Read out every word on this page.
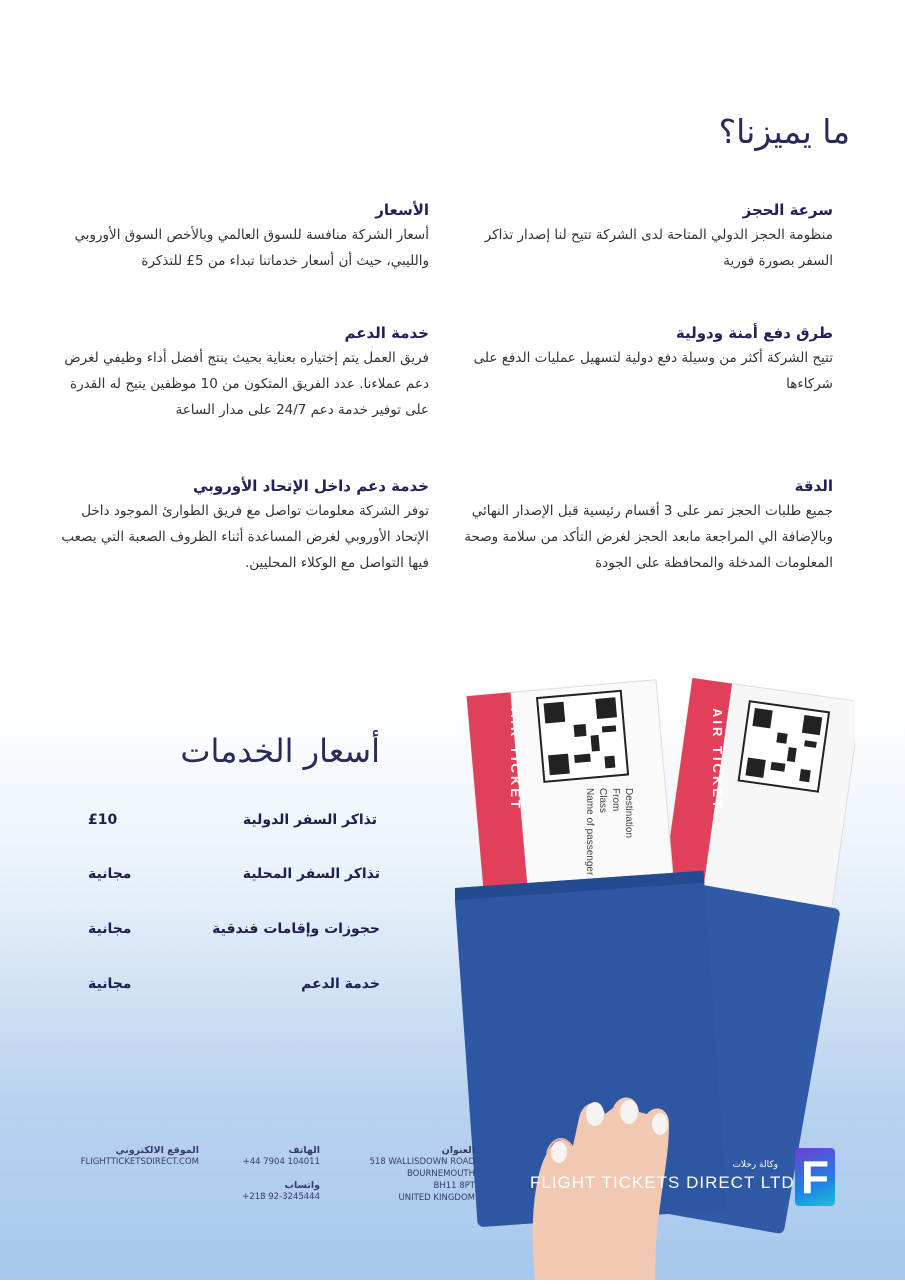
ما يميزنا؟
سرعة الحجز
منظومة الحجز الدولي المتاحة لدى الشركة تتيح لنا إصدار تذاكر السفر بصورة فورية
الأسعار
أسعار الشركة منافسة للسوق العالمي وبالأخص السوق الأوروبي والليبي، حيث أن أسعار خدماتنا تبداء من 5£ للتذكرة
طرق دفع أمنة ودولية
تتيح الشركة أكثر من وسيلة دفع دولية لتسهيل عمليات الدفع على شركاءها
خدمة الدعم
فريق العمل يتم إختياره بعناية بحيث ينتج أفضل أداء وظيفي لغرض دعم عملاءنا. عدد الفريق المتكون من 10 موظفين يتيح له القدرة على توفير خدمة دعم 24/7 على مدار الساعة
الدقة
جميع طلبات الحجز تمر على 3 أقسام رئيسية قبل الإصدار النهائي وبالإضافة الي المراجعة مابعد الحجز لغرض التأكد من سلامة وصحة المعلومات المدخلة والمحافظة على الجودة
خدمة دعم داخل الإتحاد الأوروبي
توفر الشركة معلومات تواصل مع فريق الطوارئ الموجود داخل الإتحاد الأوروبي لغرض المساعدة أثناء الظروف الصعبة التي يصعب فيها التواصل مع الوكلاء المحليين.
أسعار الخدمات
تذاكر السفر الدولية
£10
تذاكر السفر المحلية
مجانية
حجوزات وإقامات فندقية
مجانية
خدمة الدعم
مجانية
AIR TICKET	AIR TICKET
Destination
From
Class
Name of passenger
العنوان
518 WALLISDOWN ROAD
BOURNEMOUTH
BH11 8PT
UNITED KINGDOM
الهاتف
+44 7904 104011
واتساب
+218 92-3245444
الموقع الالكتروني
FLIGHTTICKETSDIRECT.COM	وكالة رحلات
FLIGHT TICKETS DIRECT LTD F
